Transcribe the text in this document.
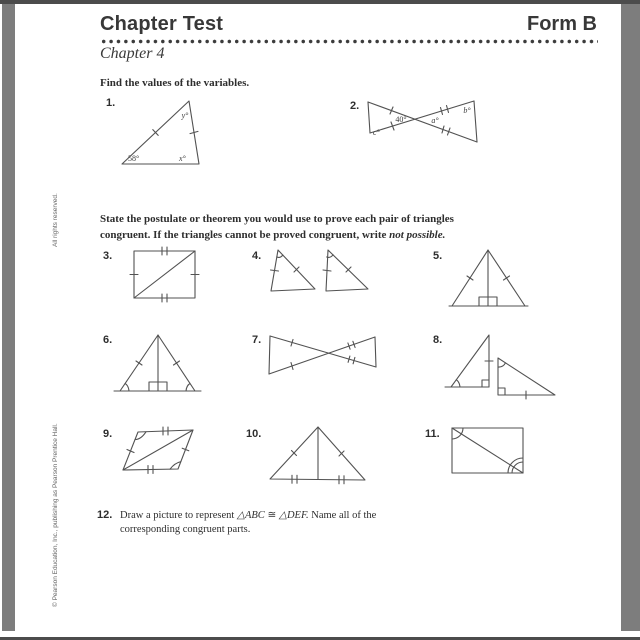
Chapter Test	Form B
Chapter 4
All rights reserved.
© Pearson Education, Inc., publishing as Pearson Prentice Hall.
Find the values of the variables.
1.
y°
58°	x°
2.
40°	a°
b°
c°
State the postulate or theorem you would use to prove each pair of triangles
congruent. If the triangles cannot be proved congruent, write not possible.
3.	4.	5.
6.	7.	8.
9.	10.	11.
12. Draw a picture to represent △ABC ≅ △DEF. Name all of the
corresponding congruent parts.
